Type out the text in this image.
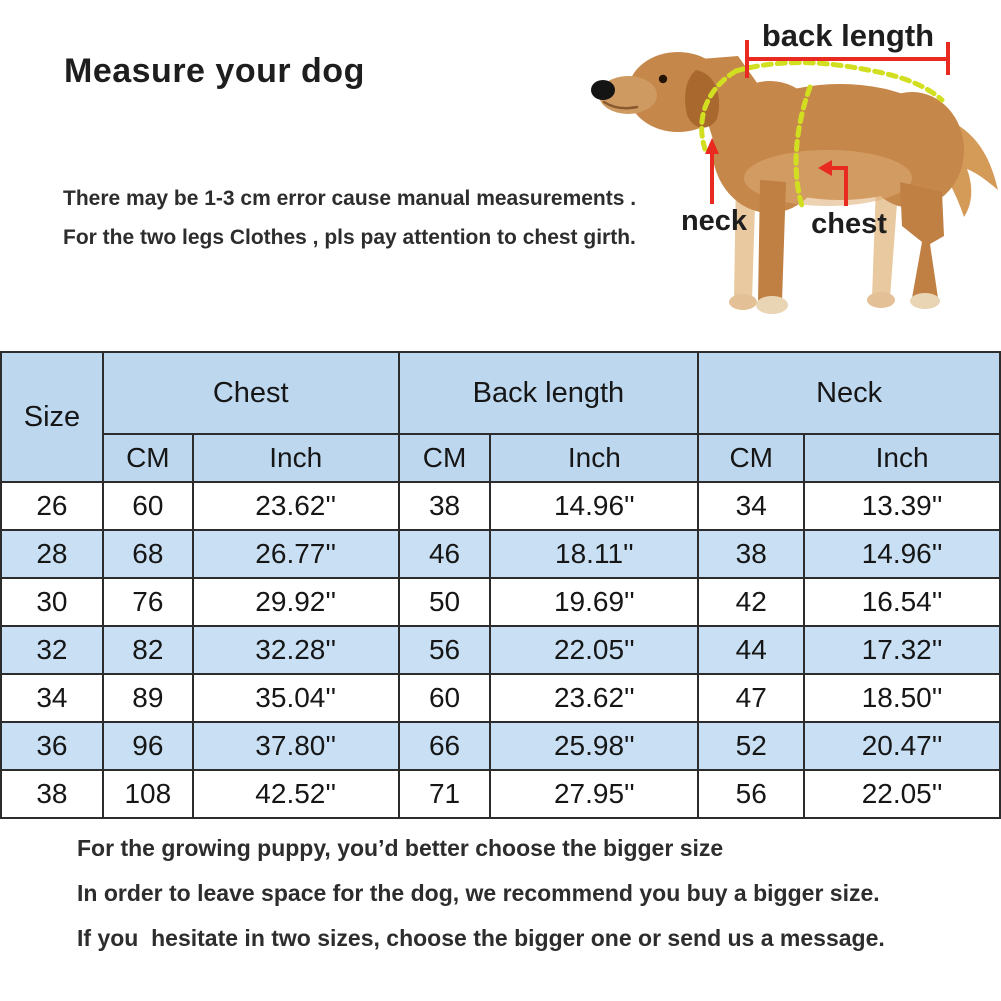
Measure your dog

There may be 1-3 cm error cause manual measurements .

For the two legs Clothes , pls pay attention to chest girth.

back length
neck chest
Size	Chest		Back length		Neck	
	CM	Inch	CM	Inch	CM	Inch
26	60	23.62''	38	14.96''	34	13.39''
28	68	26.77''	46	18.11''	38	14.96''
30	76	29.92''	50	19.69''	42	16.54''
32	82	32.28''	56	22.05''	44	17.32''
34	89	35.04''	60	23.62''	47	18.50''
36	96	37.80''	66	25.98''	52	20.47''
38	108	42.52''	71	27.95''	56	22.05''

For the growing puppy, you’d better choose the bigger size

In order to leave space for the dog, we recommend you buy a bigger size.

If you  hesitate in two sizes, choose the bigger one or send us a message.
